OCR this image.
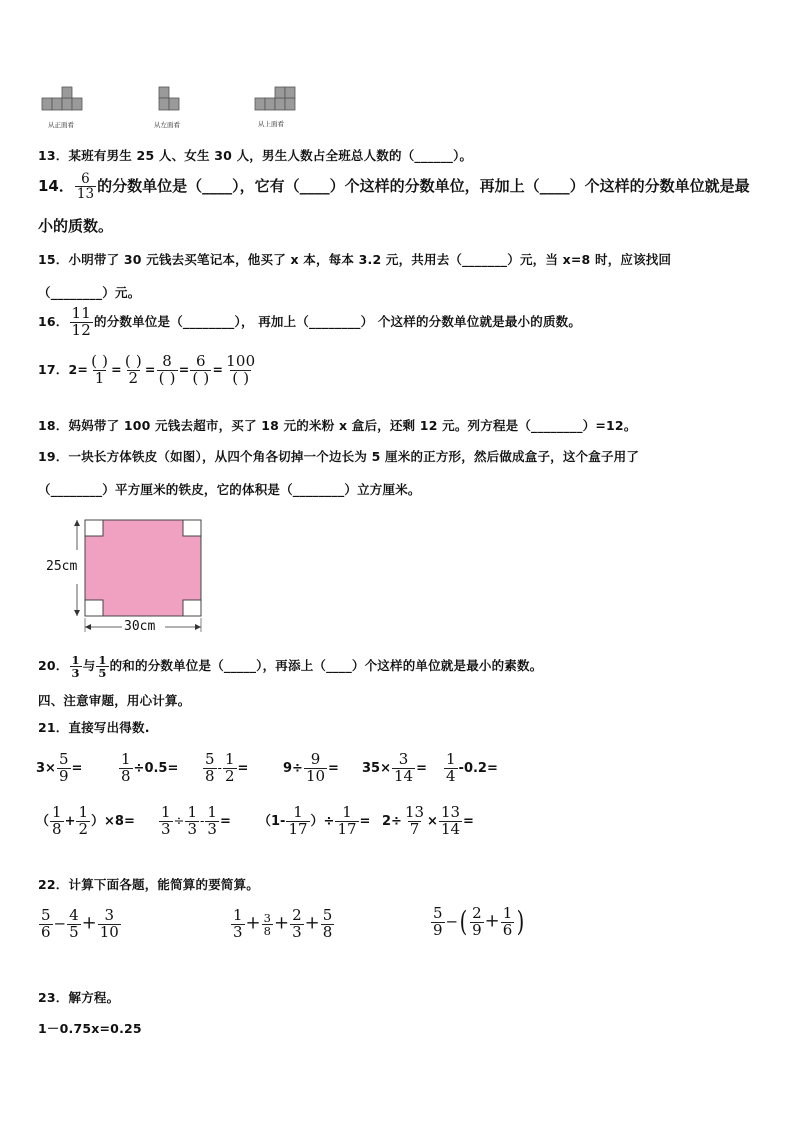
从正面看	从左面看	从上面看
13．某班有男生 25 人、女生 30 人，男生人数占全班总人数的（______）。
14． $\frac{6}{13}$ 的分数单位是（____），它有（____）个这样的分数单位，再加上（____）个这样的分数单位就是最
小的质数。
15．小明带了 30 元钱去买笔记本，他买了 x 本，每本 3.2 元，共用去（_______）元，当 x=8 时，应该找回
（________）元。
16． $\frac{11}{12}$ 的分数单位是（________）， 再加上（________） 个这样的分数单位就是最小的质数。
17．2= ( )
1 = ( )
2 = 8
( ) = 6
( ) = 100
( )
18．妈妈带了 100 元钱去超市，买了 18 元的米粉 x 盒后，还剩 12 元。列方程是（________）=12。
19．一块长方体铁皮（如图），从四个角各切掉一个边长为 5 厘米的正方形，然后做成盒子，这个盒子用了
（________）平方厘米的铁皮，它的体积是（________）立方厘米。
25cm
30cm
20． $\frac{1}{3}$ 与 $\frac{1}{5}$ 的和的分数单位是（_____），再添上（____）个这样的单位就是最小的素数。
四、注意审题，用心计算。
21．直接写出得数.
$3\times \frac{5}{9} = \frac{1}{8} \div 0.5= \frac{5}{8} - \frac{1}{2}$ =	$9\div \frac{9}{10} = 35\times \frac{3}{14} = \frac{1}{4} -0.2=$
（ $\frac{1}{8} + \frac{1}{2} )\times 8= \frac{1}{3} \div \frac{1}{3} - \frac{1}{3} = (1- \frac{1}{17}$ ）÷ $\frac{1}{17} = 2\div \frac{13}{7} \times \frac{13}{14}$ =
22．计算下面各题，能简算的要简算。
$\frac{5}{6} - \frac{4}{5} + \frac{3}{10}$	$\frac{1}{3} + \frac{3}{8} + \frac{2}{3} + \frac{5}{8}$	$\frac{5}{9}$ −( $\frac{2}{9} + \frac{1}{6}$ )
23．解方程。
1－0.75x=0.25
